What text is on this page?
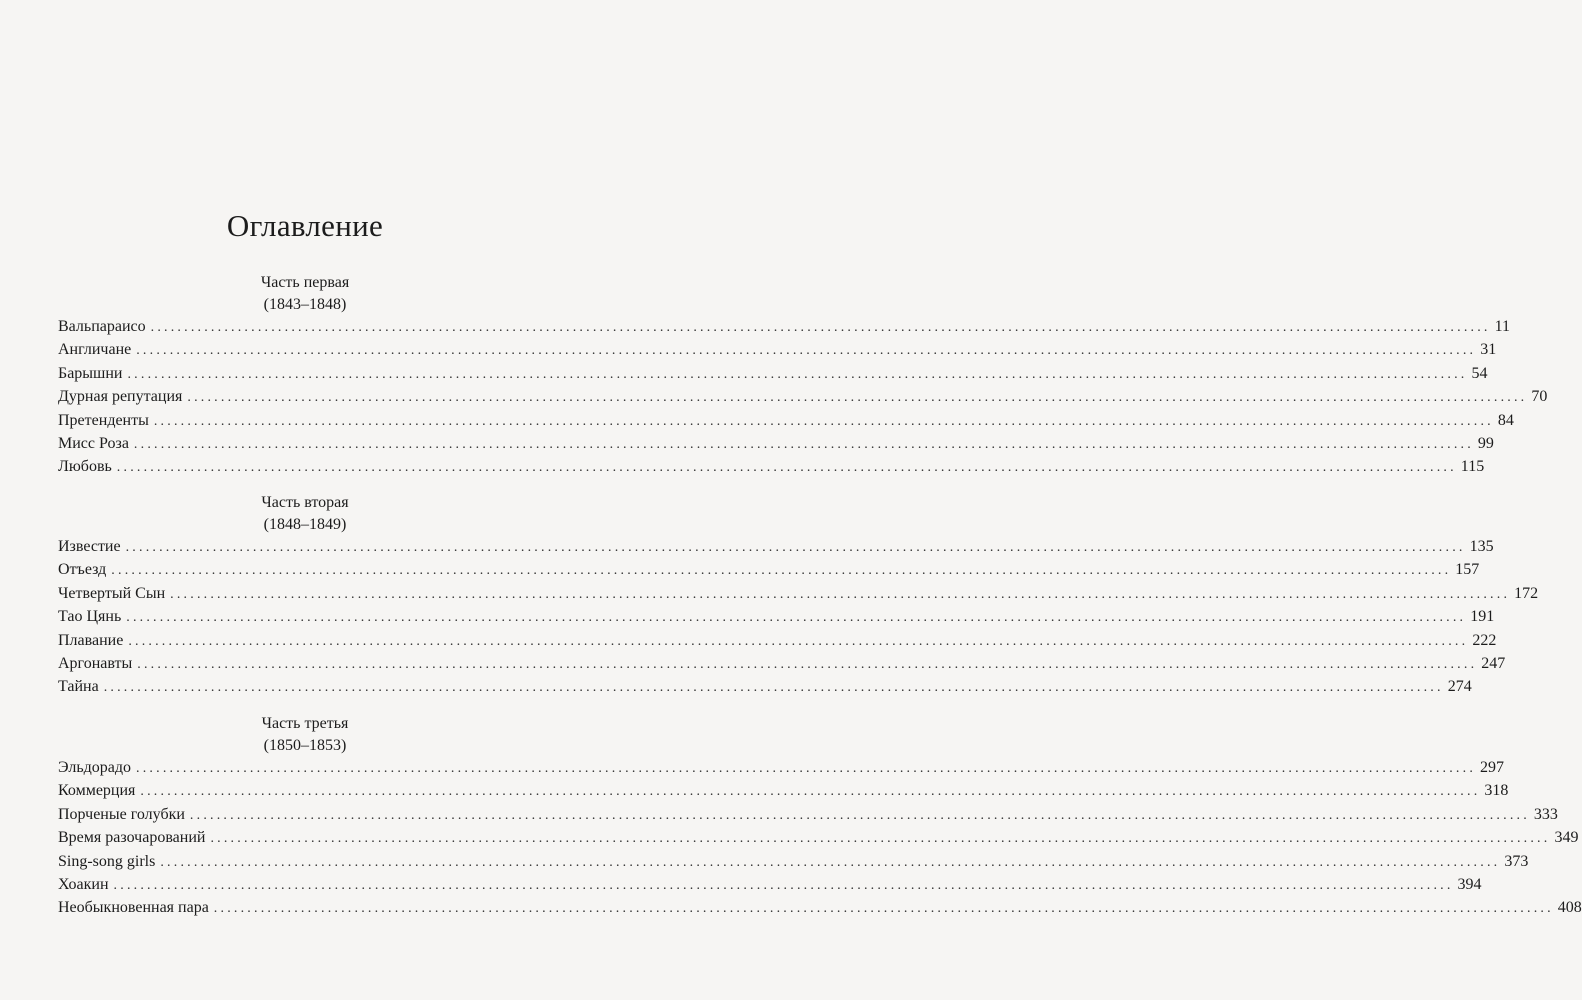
Оглавление
Часть первая
(1843–1848)
Вальпараисо ........................................................................................................................................................................................................ 11
Англичане ........................................................................................................................................................................................................ 31
Барышни ........................................................................................................................................................................................................ 54
Дурная репутация ........................................................................................................................................................................................................ 70
Претенденты ........................................................................................................................................................................................................ 84
Мисс Роза ........................................................................................................................................................................................................ 99
Любовь ........................................................................................................................................................................................................ 115
Часть вторая
(1848–1849)
Известие ........................................................................................................................................................................................................ 135
Отъезд ........................................................................................................................................................................................................ 157
Четвертый Сын ........................................................................................................................................................................................................ 172
Тао Цянь ........................................................................................................................................................................................................ 191
Плавание ........................................................................................................................................................................................................ 222
Аргонавты ........................................................................................................................................................................................................ 247
Тайна ........................................................................................................................................................................................................ 274
Часть третья
(1850–1853)
Эльдорадо ........................................................................................................................................................................................................ 297
Коммерция ........................................................................................................................................................................................................ 318
Порченые голубки ........................................................................................................................................................................................................ 333
Время разочарований ........................................................................................................................................................................................................ 349
Sing-song girls ........................................................................................................................................................................................................ 373
Хоакин ........................................................................................................................................................................................................ 394
Необыкновенная пара ........................................................................................................................................................................................................ 408
